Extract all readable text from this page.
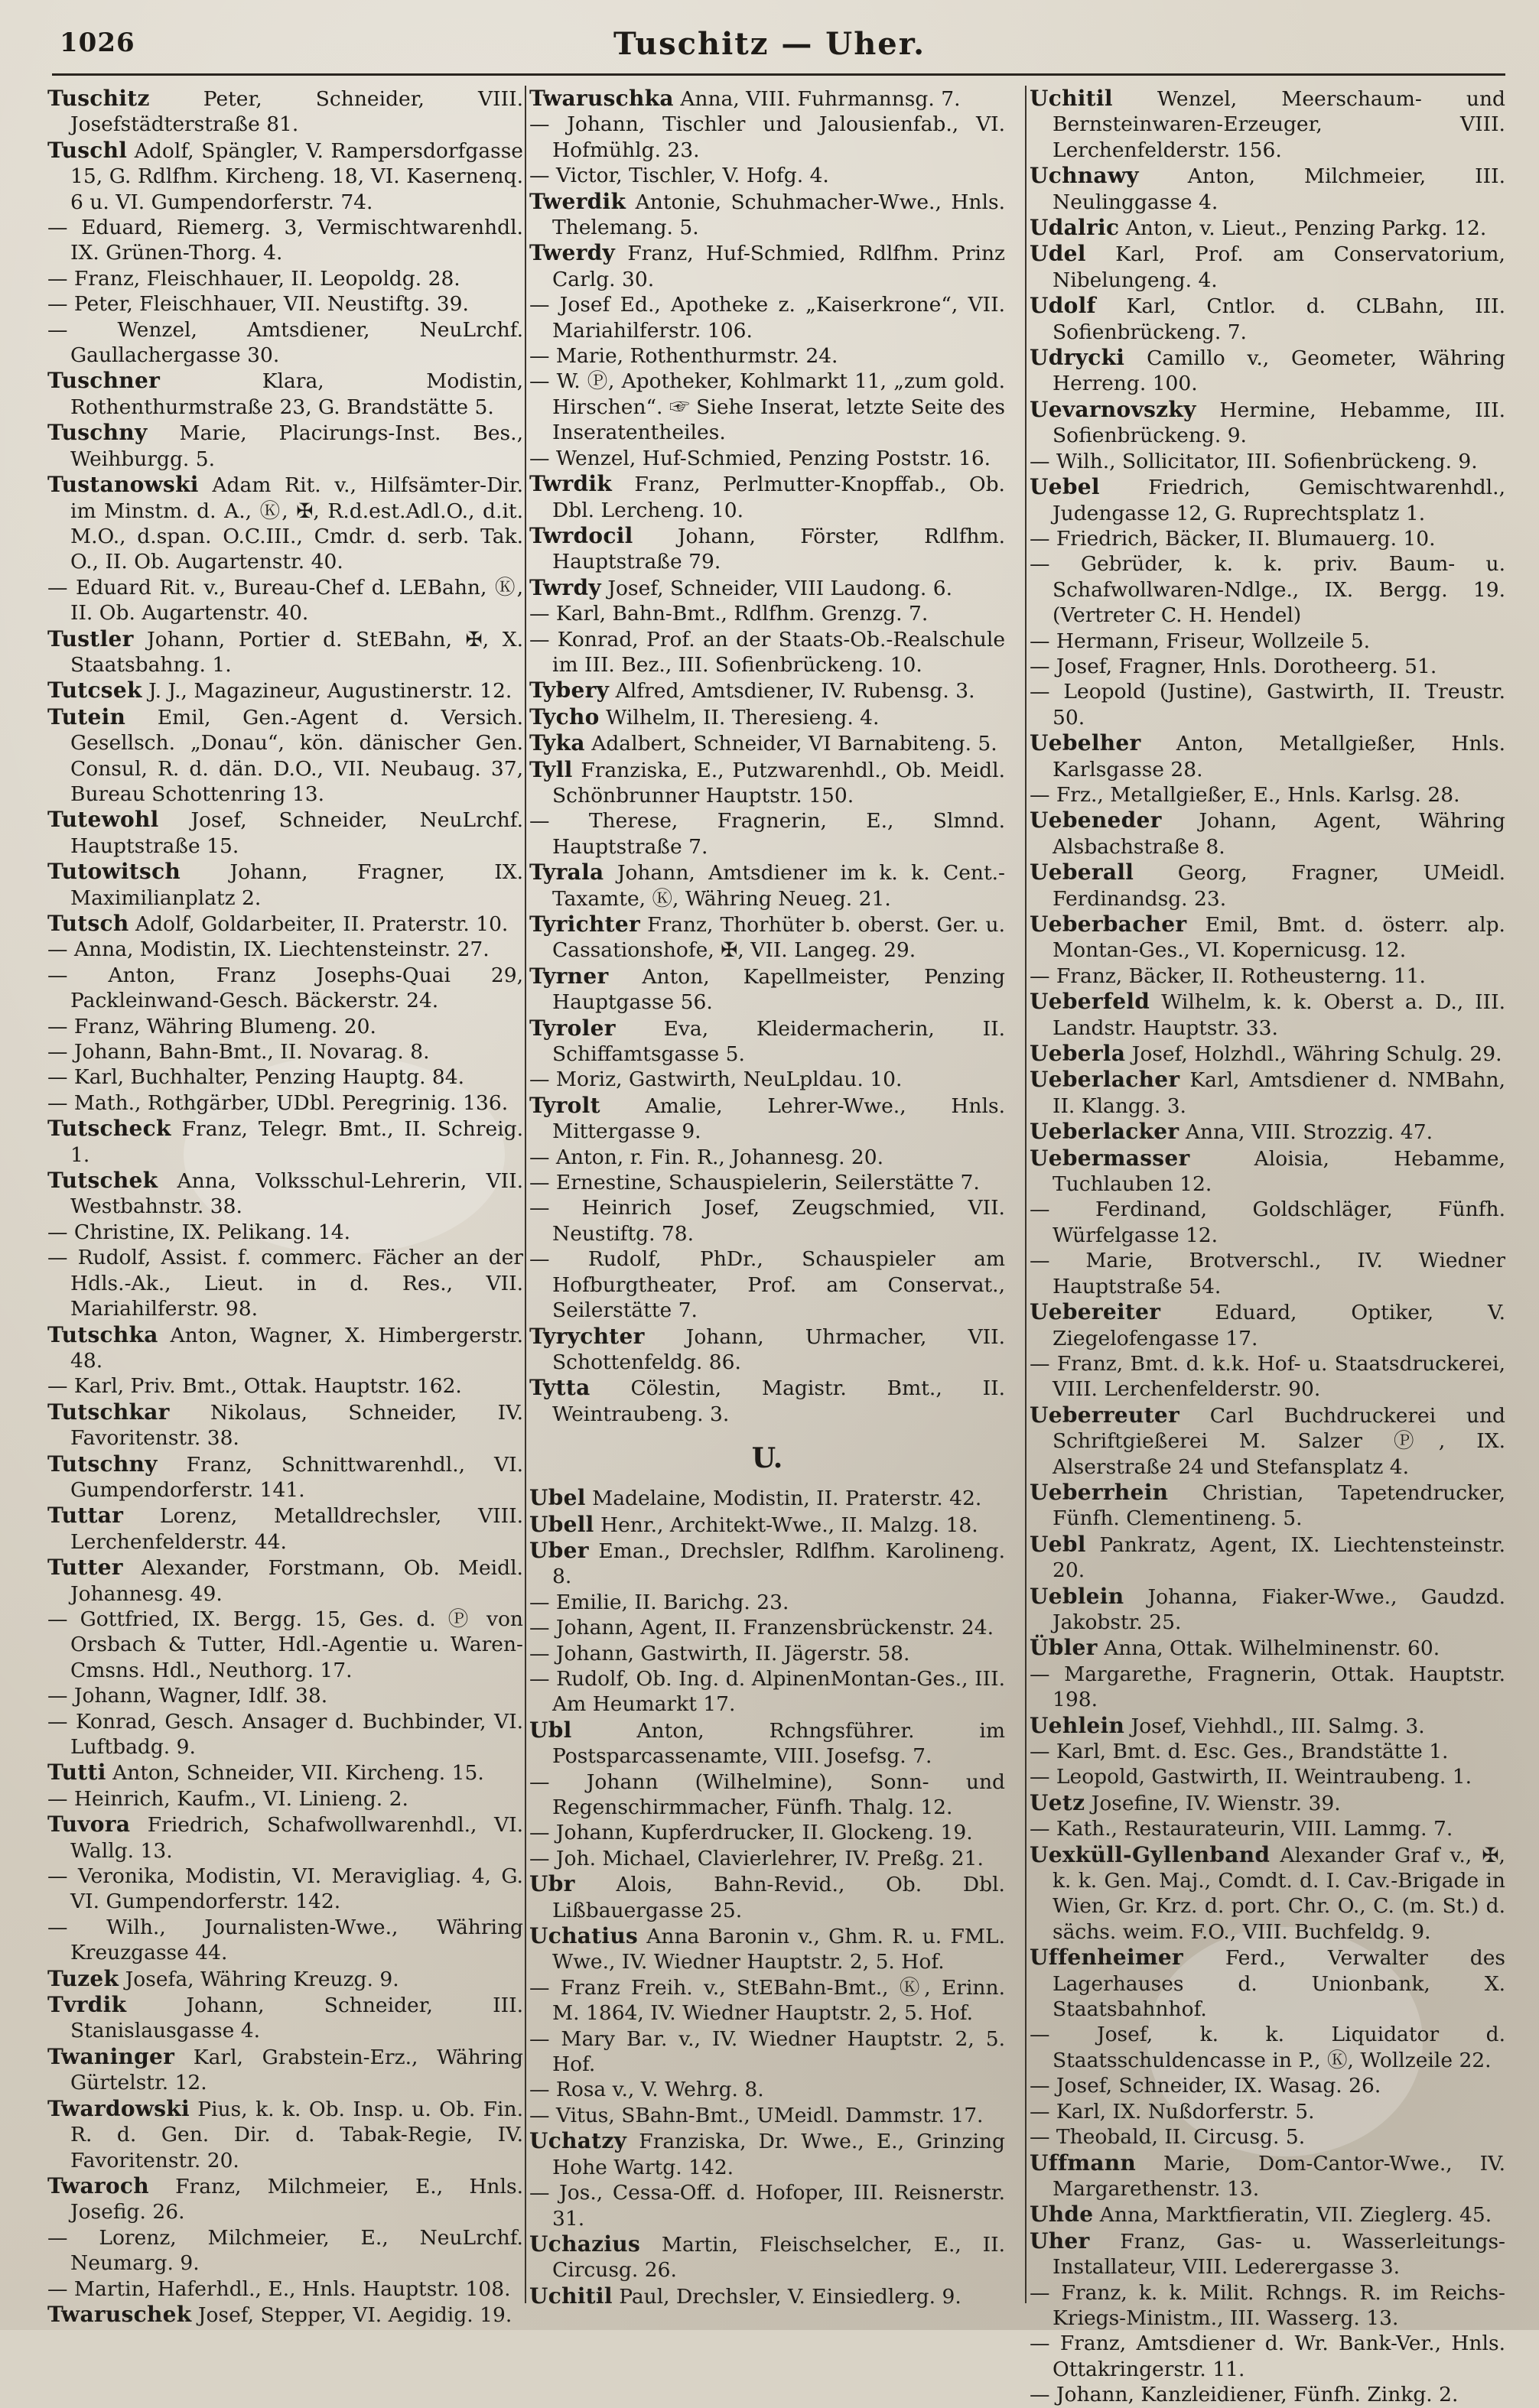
1026	Tuschitz — Uher.

Tuschitz Peter, Schneider, VIII. Josefstädterstraße 81.

Tuschl Adolf, Spängler, V. Rampersdorfgasse 15, G. Rdlfhm. Kircheng. 18, VI. Kasernenq. 6 u. VI. Gumpendorferstr. 74.

— Eduard, Riemerg. 3, Vermischtwarenhdl. IX. Grünen-Thorg. 4.

— Franz, Fleischhauer, II. Leopoldg. 28.

— Peter, Fleischhauer, VII. Neustiftg. 39.

— Wenzel, Amtsdiener, NeuLrchf. Gaullachergasse 30.

Tuschner Klara, Modistin, Rothenthurmstraße 23, G. Brandstätte 5.

Tuschny Marie, Placirungs-Inst. Bes., Weihburgg. 5.

Tustanowski Adam Rit. v., Hilfsämter-Dir. im Minstm. d. A., Ⓚ, ✠, R.d.est.Adl.O., d.it. M.O., d.span. O.C.III., Cmdr. d. serb. Tak. O., II. Ob. Augartenstr. 40.

— Eduard Rit. v., Bureau-Chef d. LEBahn, Ⓚ, II. Ob. Augartenstr. 40.

Tustler Johann, Portier d. StEBahn, ✠, X. Staatsbahng. 1.

Tutcsek J. J., Magazineur, Augustinerstr. 12.

Tutein Emil, Gen.-Agent d. Versich. Gesellsch. „Donau“, kön. dänischer Gen. Consul, R. d. dän. D.O., VII. Neubaug. 37, Bureau Schottenring 13.

Tutewohl Josef, Schneider, NeuLrchf. Hauptstraße 15.

Tutowitsch Johann, Fragner, IX. Maximilianplatz 2.

Tutsch Adolf, Goldarbeiter, II. Praterstr. 10.

— Anna, Modistin, IX. Liechtensteinstr. 27.

— Anton, Franz Josephs-Quai 29, Packleinwand-Gesch. Bäckerstr. 24.

— Franz, Währing Blumeng. 20.

— Johann, Bahn-Bmt., II. Novarag. 8.

— Karl, Buchhalter, Penzing Hauptg. 84.

— Math., Rothgärber, UDbl. Peregrinig. 136.

Tutscheck Franz, Telegr. Bmt., II. Schreig. 1.

Tutschek Anna, Volksschul-Lehrerin, VII. Westbahnstr. 38.

— Christine, IX. Pelikang. 14.

— Rudolf, Assist. f. commerc. Fächer an der Hdls.-Ak., Lieut. in d. Res., VII. Mariahilferstr. 98.

Tutschka Anton, Wagner, X. Himbergerstr. 48.

— Karl, Priv. Bmt., Ottak. Hauptstr. 162.

Tutschkar Nikolaus, Schneider, IV. Favoritenstr. 38.

Tutschny Franz, Schnittwarenhdl., VI. Gumpendorferstr. 141.

Tuttar Lorenz, Metalldrechsler, VIII. Lerchenfelderstr. 44.

Tutter Alexander, Forstmann, Ob. Meidl. Johannesg. 49.

— Gottfried, IX. Bergg. 15, Ges. d. Ⓟ von Orsbach & Tutter, Hdl.-Agentie u. Waren-Cmsns. Hdl., Neuthorg. 17.

— Johann, Wagner, Idlf. 38.

— Konrad, Gesch. Ansager d. Buchbinder, VI. Luftbadg. 9.

Tutti Anton, Schneider, VII. Kircheng. 15.

— Heinrich, Kaufm., VI. Linieng. 2.

Tuvora Friedrich, Schafwollwarenhdl., VI. Wallg. 13.

— Veronika, Modistin, VI. Meravigliag. 4, G. VI. Gumpendorferstr. 142.

— Wilh., Journalisten-Wwe., Währing Kreuzgasse 44.

Tuzek Josefa, Währing Kreuzg. 9.

Tvrdik Johann, Schneider, III. Stanislausgasse 4.

Twaninger Karl, Grabstein-Erz., Währing Gürtelstr. 12.

Twardowski Pius, k. k. Ob. Insp. u. Ob. Fin. R. d. Gen. Dir. d. Tabak-Regie, IV. Favoritenstr. 20.

Twaroch Franz, Milchmeier, E., Hnls. Josefig. 26.

— Lorenz, Milchmeier, E., NeuLrchf. Neumarg. 9.

— Martin, Haferhdl., E., Hnls. Hauptstr. 108.

Twaruschek Josef, Stepper, VI. Aegidig. 19.

Twaruschka Anna, VIII. Fuhrmannsg. 7.

— Johann, Tischler und Jalousienfab., VI. Hofmühlg. 23.

— Victor, Tischler, V. Hofg. 4.

Twerdik Antonie, Schuhmacher-Wwe., Hnls. Thelemang. 5.

Twerdy Franz, Huf-Schmied, Rdlfhm. Prinz Carlg. 30.

— Josef Ed., Apotheke z. „Kaiserkrone“, VII. Mariahilferstr. 106.

— Marie, Rothenthurmstr. 24.

— W. Ⓟ, Apotheker, Kohlmarkt 11, „zum gold. Hirschen“. ☞ Siehe Inserat, letzte Seite des Inseratentheiles.

— Wenzel, Huf-Schmied, Penzing Poststr. 16.

Twrdik Franz, Perlmutter-Knopffab., Ob. Dbl. Lercheng. 10.

Twrdocil Johann, Förster, Rdlfhm. Hauptstraße 79.

Twrdy Josef, Schneider, VIII Laudong. 6.

— Karl, Bahn-Bmt., Rdlfhm. Grenzg. 7.

— Konrad, Prof. an der Staats-Ob.-Realschule im III. Bez., III. Sofienbrückeng. 10.

Tybery Alfred, Amtsdiener, IV. Rubensg. 3.

Tycho Wilhelm, II. Theresieng. 4.

Tyka Adalbert, Schneider, VI Barnabiteng. 5.

Tyll Franziska, E., Putzwarenhdl., Ob. Meidl. Schönbrunner Hauptstr. 150.

— Therese, Fragnerin, E., Slmnd. Hauptstraße 7.

Tyrala Johann, Amtsdiener im k. k. Cent.-Taxamte, Ⓚ, Währing Neueg. 21.

Tyrichter Franz, Thorhüter b. oberst. Ger. u. Cassationshofe, ✠, VII. Langeg. 29.

Tyrner Anton, Kapellmeister, Penzing Hauptgasse 56.

Tyroler Eva, Kleidermacherin, II. Schiffamtsgasse 5.

— Moriz, Gastwirth, NeuLpldau. 10.

Tyrolt Amalie, Lehrer-Wwe., Hnls. Mittergasse 9.

— Anton, r. Fin. R., Johannesg. 20.

— Ernestine, Schauspielerin, Seilerstätte 7.

— Heinrich Josef, Zeugschmied, VII. Neustiftg. 78.

— Rudolf, PhDr., Schauspieler am Hofburgtheater, Prof. am Conservat., Seilerstätte 7.

Tyrychter Johann, Uhrmacher, VII. Schottenfeldg. 86.

Tytta Cölestin, Magistr. Bmt., II. Weintraubeng. 3.

U.

Ubel Madelaine, Modistin, II. Praterstr. 42.

Ubell Henr., Architekt-Wwe., II. Malzg. 18.

Uber Eman., Drechsler, Rdlfhm. Karolineng. 8.

— Emilie, II. Barichg. 23.

— Johann, Agent, II. Franzensbrückenstr. 24.

— Johann, Gastwirth, II. Jägerstr. 58.

— Rudolf, Ob. Ing. d. AlpinenMontan-Ges., III. Am Heumarkt 17.

Ubl Anton, Rchngsführer. im Postsparcassenamte, VIII. Josefsg. 7.

— Johann (Wilhelmine), Sonn- und Regenschirmmacher, Fünfh. Thalg. 12.

— Johann, Kupferdrucker, II. Glockeng. 19.

— Joh. Michael, Clavierlehrer, IV. Preßg. 21.

Ubr Alois, Bahn-Revid., Ob. Dbl. Lißbauergasse 25.

Uchatius Anna Baronin v., Ghm. R. u. FML. Wwe., IV. Wiedner Hauptstr. 2, 5. Hof.

— Franz Freih. v., StEBahn-Bmt., Ⓚ, Erinn. M. 1864, IV. Wiedner Hauptstr. 2, 5. Hof.

— Mary Bar. v., IV. Wiedner Hauptstr. 2, 5. Hof.

— Rosa v., V. Wehrg. 8.

— Vitus, SBahn-Bmt., UMeidl. Dammstr. 17.

Uchatzy Franziska, Dr. Wwe., E., Grinzing Hohe Wartg. 142.

— Jos., Cessa-Off. d. Hofoper, III. Reisnerstr. 31.

Uchazius Martin, Fleischselcher, E., II. Circusg. 26.

Uchitil Paul, Drechsler, V. Einsiedlerg. 9.

Uchitil Wenzel, Meerschaum- und Bernsteinwaren-Erzeuger, VIII. Lerchenfelderstr. 156.

Uchnawy Anton, Milchmeier, III. Neulinggasse 4.

Udalric Anton, v. Lieut., Penzing Parkg. 12.

Udel Karl, Prof. am Conservatorium, Nibelungeng. 4.

Udolf Karl, Cntlor. d. CLBahn, III. Sofienbrückeng. 7.

Udrycki Camillo v., Geometer, Währing Herreng. 100.

Uevarnovszky Hermine, Hebamme, III. Sofienbrückeng. 9.

— Wilh., Sollicitator, III. Sofienbrückeng. 9.

Uebel Friedrich, Gemischtwarenhdl., Judengasse 12, G. Ruprechtsplatz 1.

— Friedrich, Bäcker, II. Blumauerg. 10.

— Gebrüder, k. k. priv. Baum- u. Schafwollwaren-Ndlge., IX. Bergg. 19. (Vertreter C. H. Hendel)

— Hermann, Friseur, Wollzeile 5.

— Josef, Fragner, Hnls. Dorotheerg. 51.

— Leopold (Justine), Gastwirth, II. Treustr. 50.

Uebelher Anton, Metallgießer, Hnls. Karlsgasse 28.

— Frz., Metallgießer, E., Hnls. Karlsg. 28.

Uebeneder Johann, Agent, Währing Alsbachstraße 8.

Ueberall Georg, Fragner, UMeidl. Ferdinandsg. 23.

Ueberbacher Emil, Bmt. d. österr. alp. Montan-Ges., VI. Kopernicusg. 12.

— Franz, Bäcker, II. Rotheusterng. 11.

Ueberfeld Wilhelm, k. k. Oberst a. D., III. Landstr. Hauptstr. 33.

Ueberla Josef, Holzhdl., Währing Schulg. 29.

Ueberlacher Karl, Amtsdiener d. NMBahn, II. Klangg. 3.

Ueberlacker Anna, VIII. Strozzig. 47.

Uebermasser Aloisia, Hebamme, Tuchlauben 12.

— Ferdinand, Goldschläger, Fünfh. Würfelgasse 12.

— Marie, Brotverschl., IV. Wiedner Hauptstraße 54.

Uebereiter Eduard, Optiker, V. Ziegelofengasse 17.

— Franz, Bmt. d. k.k. Hof- u. Staatsdruckerei, VIII. Lerchenfelderstr. 90.

Ueberreuter Carl Buchdruckerei und Schriftgießerei M. Salzer Ⓟ, IX. Alserstraße 24 und Stefansplatz 4.

Ueberrhein Christian, Tapetendrucker, Fünfh. Clementineng. 5.

Uebl Pankratz, Agent, IX. Liechtensteinstr. 20.

Ueblein Johanna, Fiaker-Wwe., Gaudzd. Jakobstr. 25.

Übler Anna, Ottak. Wilhelminenstr. 60.

— Margarethe, Fragnerin, Ottak. Hauptstr. 198.

Uehlein Josef, Viehhdl., III. Salmg. 3.

— Karl, Bmt. d. Esc. Ges., Brandstätte 1.

— Leopold, Gastwirth, II. Weintraubeng. 1.

Uetz Josefine, IV. Wienstr. 39.

— Kath., Restaurateurin, VIII. Lammg. 7.

Uexküll-Gyllenband Alexander Graf v., ✠, k. k. Gen. Maj., Comdt. d. I. Cav.-Brigade in Wien, Gr. Krz. d. port. Chr. O., C. (m. St.) d. sächs. weim. F.O., VIII. Buchfeldg. 9.

Uffenheimer Ferd., Verwalter des Lagerhauses d. Unionbank, X. Staatsbahnhof.

— Josef, k. k. Liquidator d. Staatsschuldencasse in P., Ⓚ, Wollzeile 22.

— Josef, Schneider, IX. Wasag. 26.

— Karl, IX. Nußdorferstr. 5.

— Theobald, II. Circusg. 5.

Uffmann Marie, Dom-Cantor-Wwe., IV. Margarethenstr. 13.

Uhde Anna, Marktfieratin, VII. Zieglerg. 45.

Uher Franz, Gas- u. Wasserleitungs-Installateur, VIII. Lederergasse 3.

— Franz, k. k. Milit. Rchngs. R. im Reichs-Kriegs-Ministm., III. Wasserg. 13.

— Franz, Amtsdiener d. Wr. Bank-Ver., Hnls. Ottakringerstr. 11.

— Johann, Kanzleidiener, Fünfh. Zinkg. 2.
